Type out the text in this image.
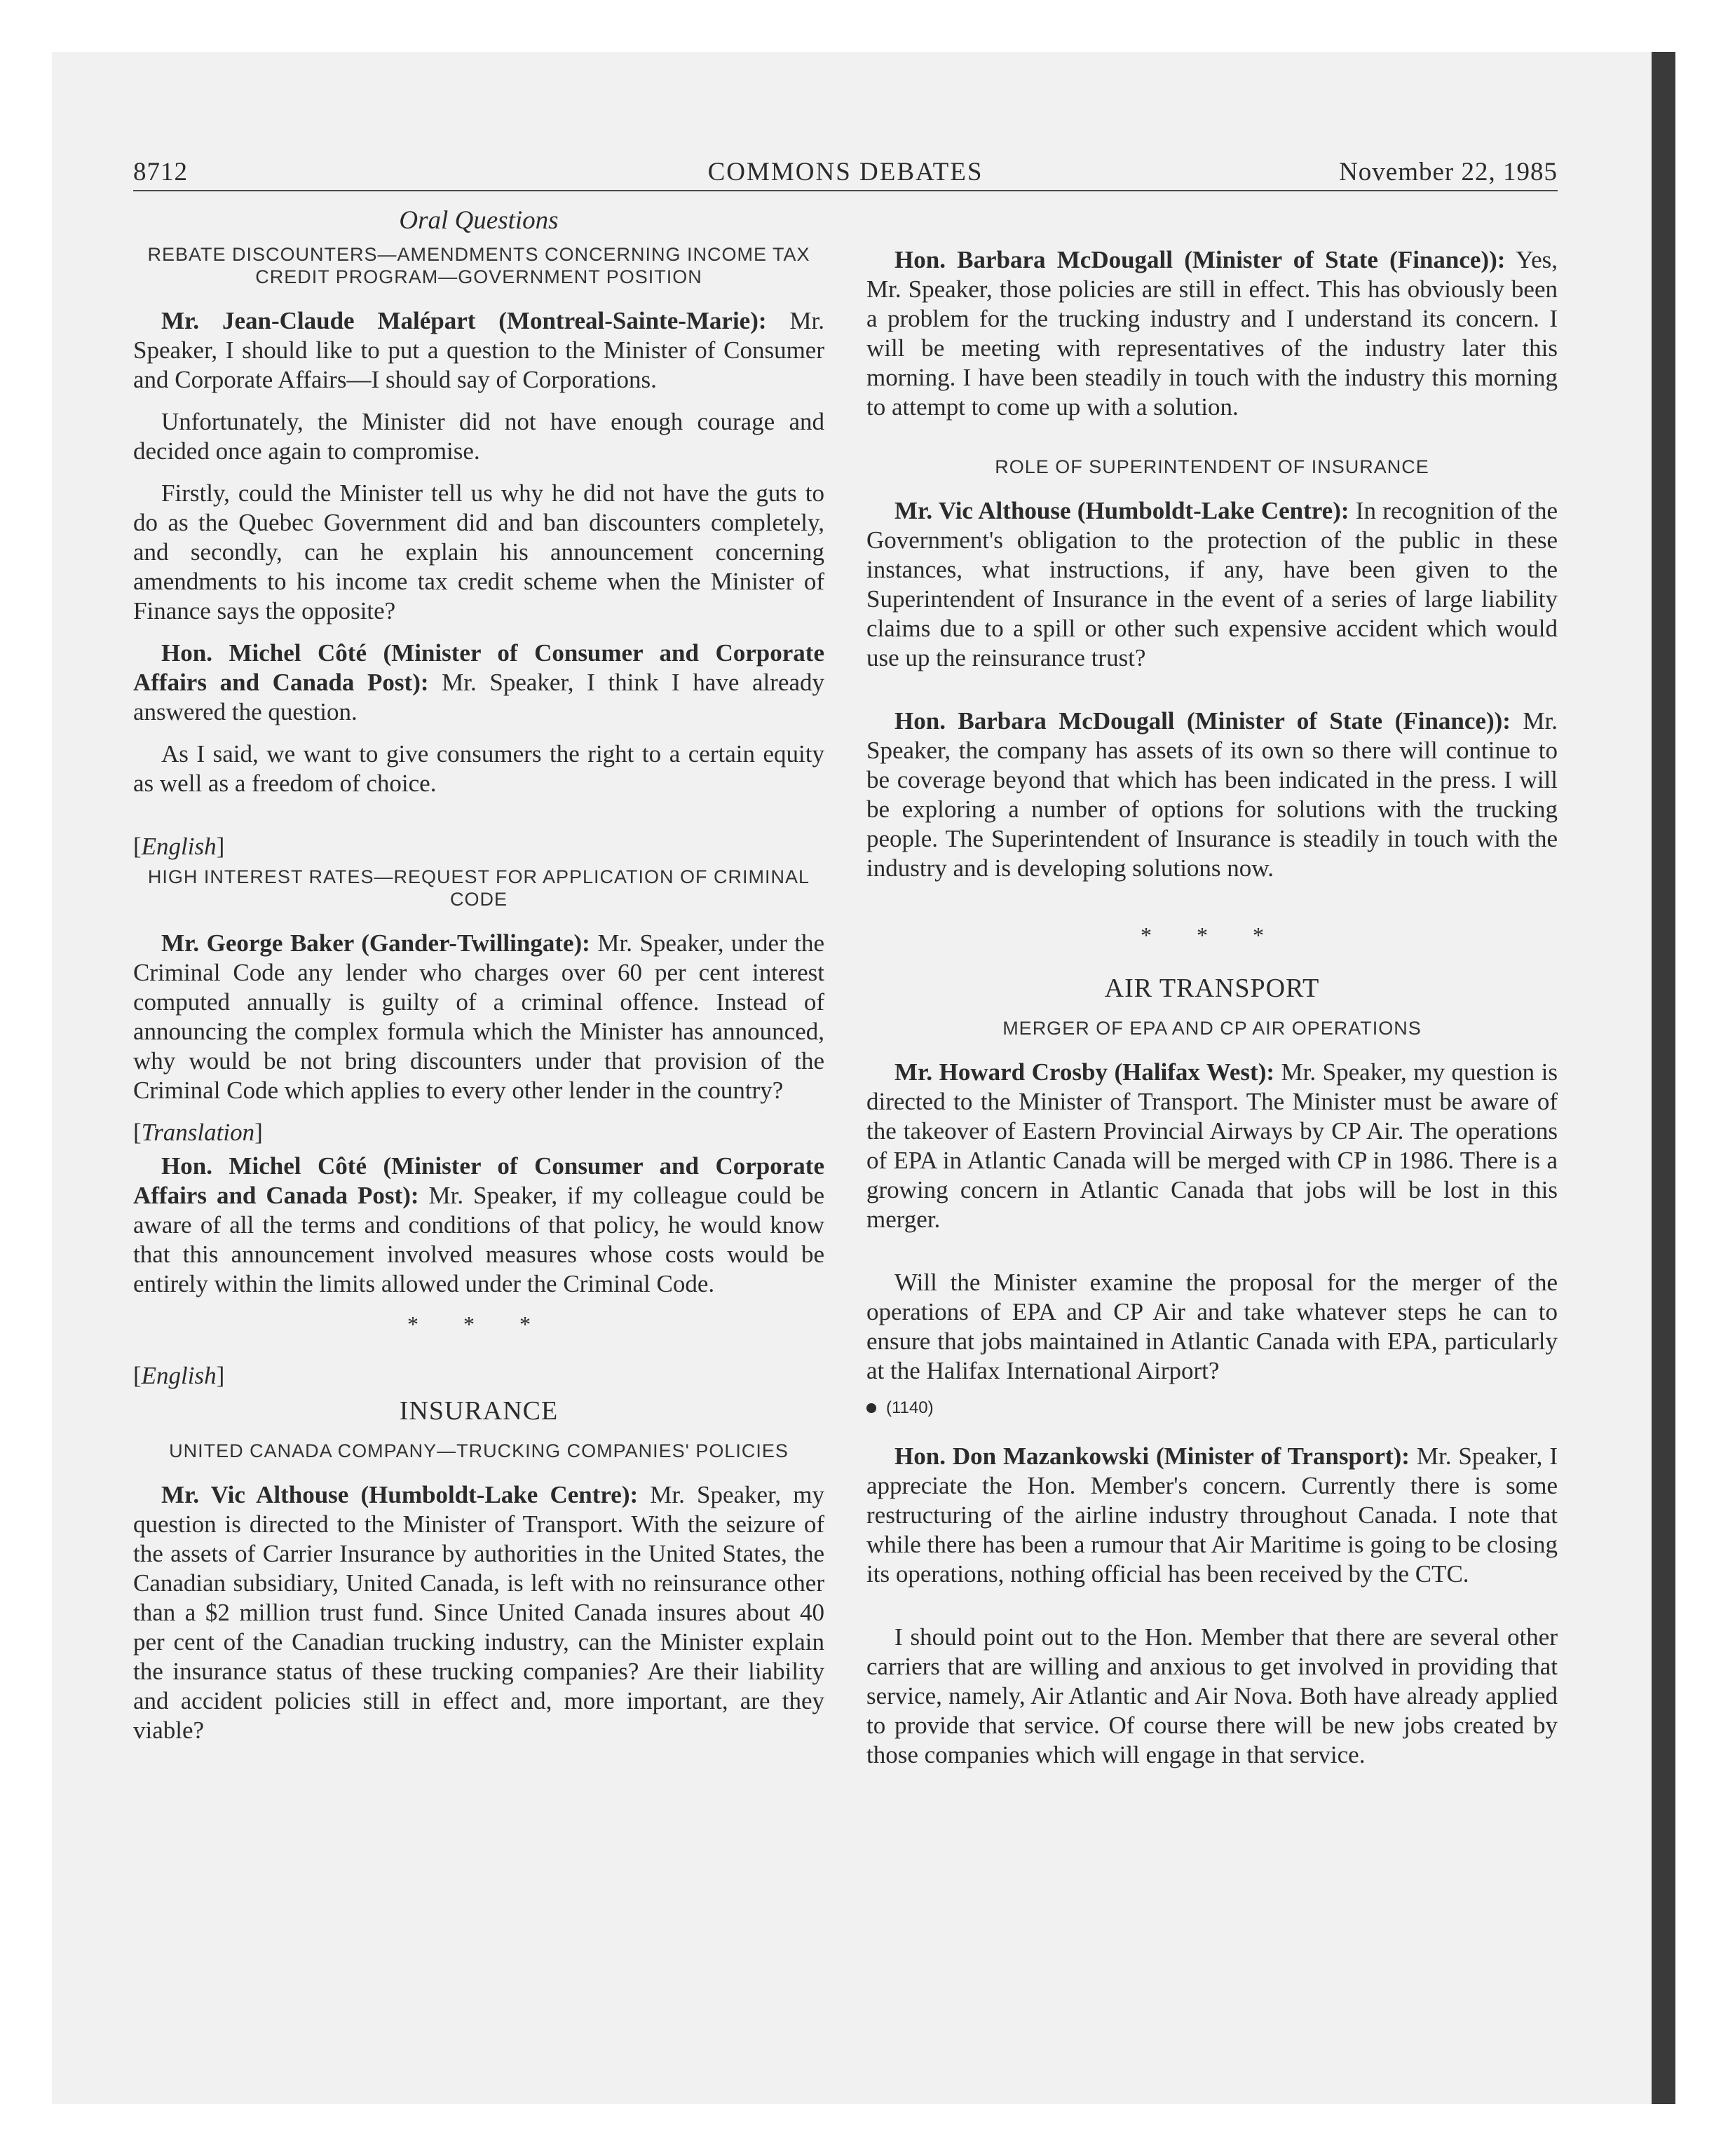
8712	COMMONS DEBATES	November 22, 1985
Oral Questions
REBATE DISCOUNTERS—AMENDMENTS CONCERNING INCOME TAX CREDIT PROGRAM—GOVERNMENT POSITION

Mr. Jean-Claude Malépart (Montreal-Sainte-Marie): Mr. Speaker, I should like to put a question to the Minister of Consumer and Corporate Affairs—I should say of Corporations.

Unfortunately, the Minister did not have enough courage and decided once again to compromise.

Firstly, could the Minister tell us why he did not have the guts to do as the Quebec Government did and ban discounters completely, and secondly, can he explain his announcement concerning amendments to his income tax credit scheme when the Minister of Finance says the opposite?

Hon. Michel Côté (Minister of Consumer and Corporate Affairs and Canada Post): Mr. Speaker, I think I have already answered the question.

As I said, we want to give consumers the right to a certain equity as well as a freedom of choice.

[English]
HIGH INTEREST RATES—REQUEST FOR APPLICATION OF CRIMINAL CODE

Mr. George Baker (Gander-Twillingate): Mr. Speaker, under the Criminal Code any lender who charges over 60 per cent interest computed annually is guilty of a criminal offence. Instead of announcing the complex formula which the Minister has announced, why would be not bring discounters under that provision of the Criminal Code which applies to every other lender in the country?

[Translation]

Hon. Michel Côté (Minister of Consumer and Corporate Affairs and Canada Post): Mr. Speaker, if my colleague could be aware of all the terms and conditions of that policy, he would know that this announcement involved measures whose costs would be entirely within the limits allowed under the Criminal Code.

* * *
[English]
INSURANCE
UNITED CANADA COMPANY—TRUCKING COMPANIES' POLICIES

Mr. Vic Althouse (Humboldt-Lake Centre): Mr. Speaker, my question is directed to the Minister of Transport. With the seizure of the assets of Carrier Insurance by authorities in the United States, the Canadian subsidiary, United Canada, is left with no reinsurance other than a $2 million trust fund. Since United Canada insures about 40 per cent of the Canadian trucking industry, can the Minister explain the insurance status of these trucking companies? Are their liability and accident policies still in effect and, more important, are they viable?

Hon. Barbara McDougall (Minister of State (Finance)): Yes, Mr. Speaker, those policies are still in effect. This has obviously been a problem for the trucking industry and I understand its concern. I will be meeting with representatives of the industry later this morning. I have been steadily in touch with the industry this morning to attempt to come up with a solution.

ROLE OF SUPERINTENDENT OF INSURANCE

Mr. Vic Althouse (Humboldt-Lake Centre): In recognition of the Government's obligation to the protection of the public in these instances, what instructions, if any, have been given to the Superintendent of Insurance in the event of a series of large liability claims due to a spill or other such expensive accident which would use up the reinsurance trust?

Hon. Barbara McDougall (Minister of State (Finance)): Mr. Speaker, the company has assets of its own so there will continue to be coverage beyond that which has been indicated in the press. I will be exploring a number of options for solutions with the trucking people. The Superintendent of Insurance is steadily in touch with the industry and is developing solutions now.

* * *
AIR TRANSPORT
MERGER OF EPA AND CP AIR OPERATIONS

Mr. Howard Crosby (Halifax West): Mr. Speaker, my question is directed to the Minister of Transport. The Minister must be aware of the takeover of Eastern Provincial Airways by CP Air. The operations of EPA in Atlantic Canada will be merged with CP in 1986. There is a growing concern in Atlantic Canada that jobs will be lost in this merger.

Will the Minister examine the proposal for the merger of the operations of EPA and CP Air and take whatever steps he can to ensure that jobs maintained in Atlantic Canada with EPA, particularly at the Halifax International Airport?

(1140)

Hon. Don Mazankowski (Minister of Transport): Mr. Speaker, I appreciate the Hon. Member's concern. Currently there is some restructuring of the airline industry throughout Canada. I note that while there has been a rumour that Air Maritime is going to be closing its operations, nothing official has been received by the CTC.

I should point out to the Hon. Member that there are several other carriers that are willing and anxious to get involved in providing that service, namely, Air Atlantic and Air Nova. Both have already applied to provide that service. Of course there will be new jobs created by those companies which will engage in that service.
